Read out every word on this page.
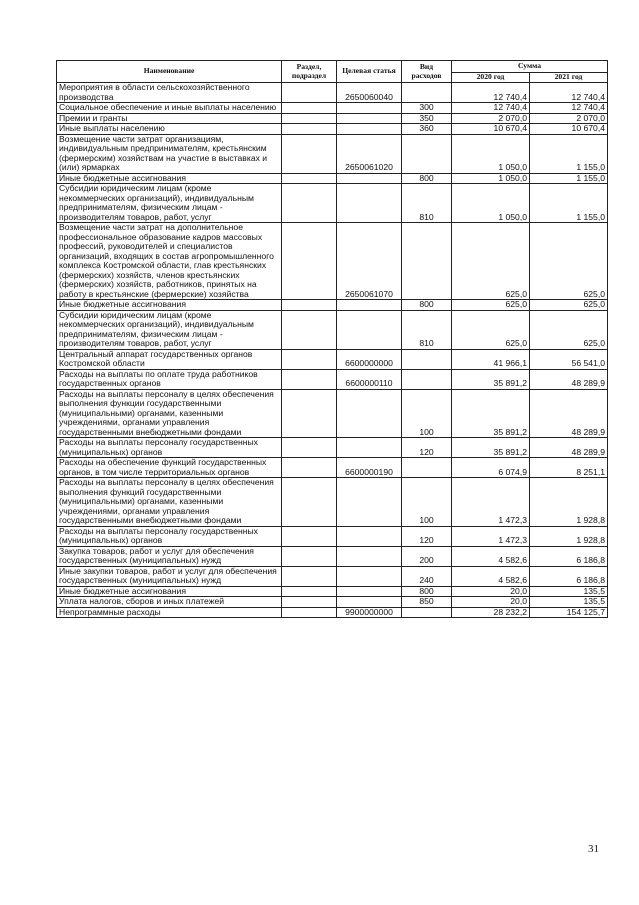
Наименование	Раздел, подраздел	Целевая статья	Вид расходов	Сумма	
				2020 год	2021 год
Мероприятия в области сельскохозяйственного производства		2650060040		12 740,4	12 740,4
Социальное обеспечение и иные выплаты населению			300	12 740,4	12 740,4
Премии и гранты			350	2 070,0	2 070,0
Иные выплаты населению			360	10 670,4	10 670,4
Возмещение части затрат организациям, индивидуальным предпринимателям, крестьянским (фермерским) хозяйствам на участие в выставках и (или) ярмарках		2650061020		1 050,0	1 155,0
Иные бюджетные ассигнования			800	1 050,0	1 155,0
Субсидии юридическим лицам (кроме некоммерческих организаций), индивидуальным предпринимателям, физическим лицам - производителям товаров, работ, услуг			810	1 050,0	1 155,0
Возмещение части затрат на дополнительное профессиональное образование кадров массовых профессий, руководителей и специалистов организаций, входящих в состав агропромышленного комплекса Костромской области, глав крестьянских (фермерских) хозяйств, членов крестьянских (фермерских) хозяйств, работников, принятых на работу в крестьянские (фермерские) хозяйства		2650061070		625,0	625,0
Иные бюджетные ассигнования			800	625,0	625,0
Субсидии юридическим лицам (кроме некоммерческих организаций), индивидуальным предпринимателям, физическим лицам - производителям товаров, работ, услуг			810	625,0	625,0
Центральный аппарат государственных органов Костромской области		6600000000		41 966,1	56 541,0
Расходы на выплаты по оплате труда работников государственных органов		6600000110		35 891,2	48 289,9
Расходы на выплаты персоналу в целях обеспечения выполнения функции государственными (муниципальными) органами, казенными учреждениями, органами управления государственными внебюджетными фондами			100	35 891,2	48 289,9
Расходы на выплаты персоналу государственных (муниципальных) органов			120	35 891,2	48 289,9
Расходы на обеспечение функций государственных органов, в том числе территориальных органов		6600000190		6 074,9	8 251,1
Расходы на выплаты персоналу в целях обеспечения выполнения функций государственными (муниципальными) органами, казенными учреждениями, органами управления государственными внебюджетными фондами			100	1 472,3	1 928,8
Расходы на выплаты персоналу государственных (муниципальных) органов			120	1 472,3	1 928,8
Закупка товаров, работ и услуг для обеспечения государственных (муниципальных) нужд			200	4 582,6	6 186,8
Иные закупки товаров, работ и услуг для обеспечения государственных (муниципальных) нужд			240	4 582,6	6 186,8
Иные бюджетные ассигнования			800	20,0	135,5
Уплата налогов, сборов и иных платежей			850	20,0	135,5
Непрограммные расходы		9900000000		28 232,2	154 125,7
31
